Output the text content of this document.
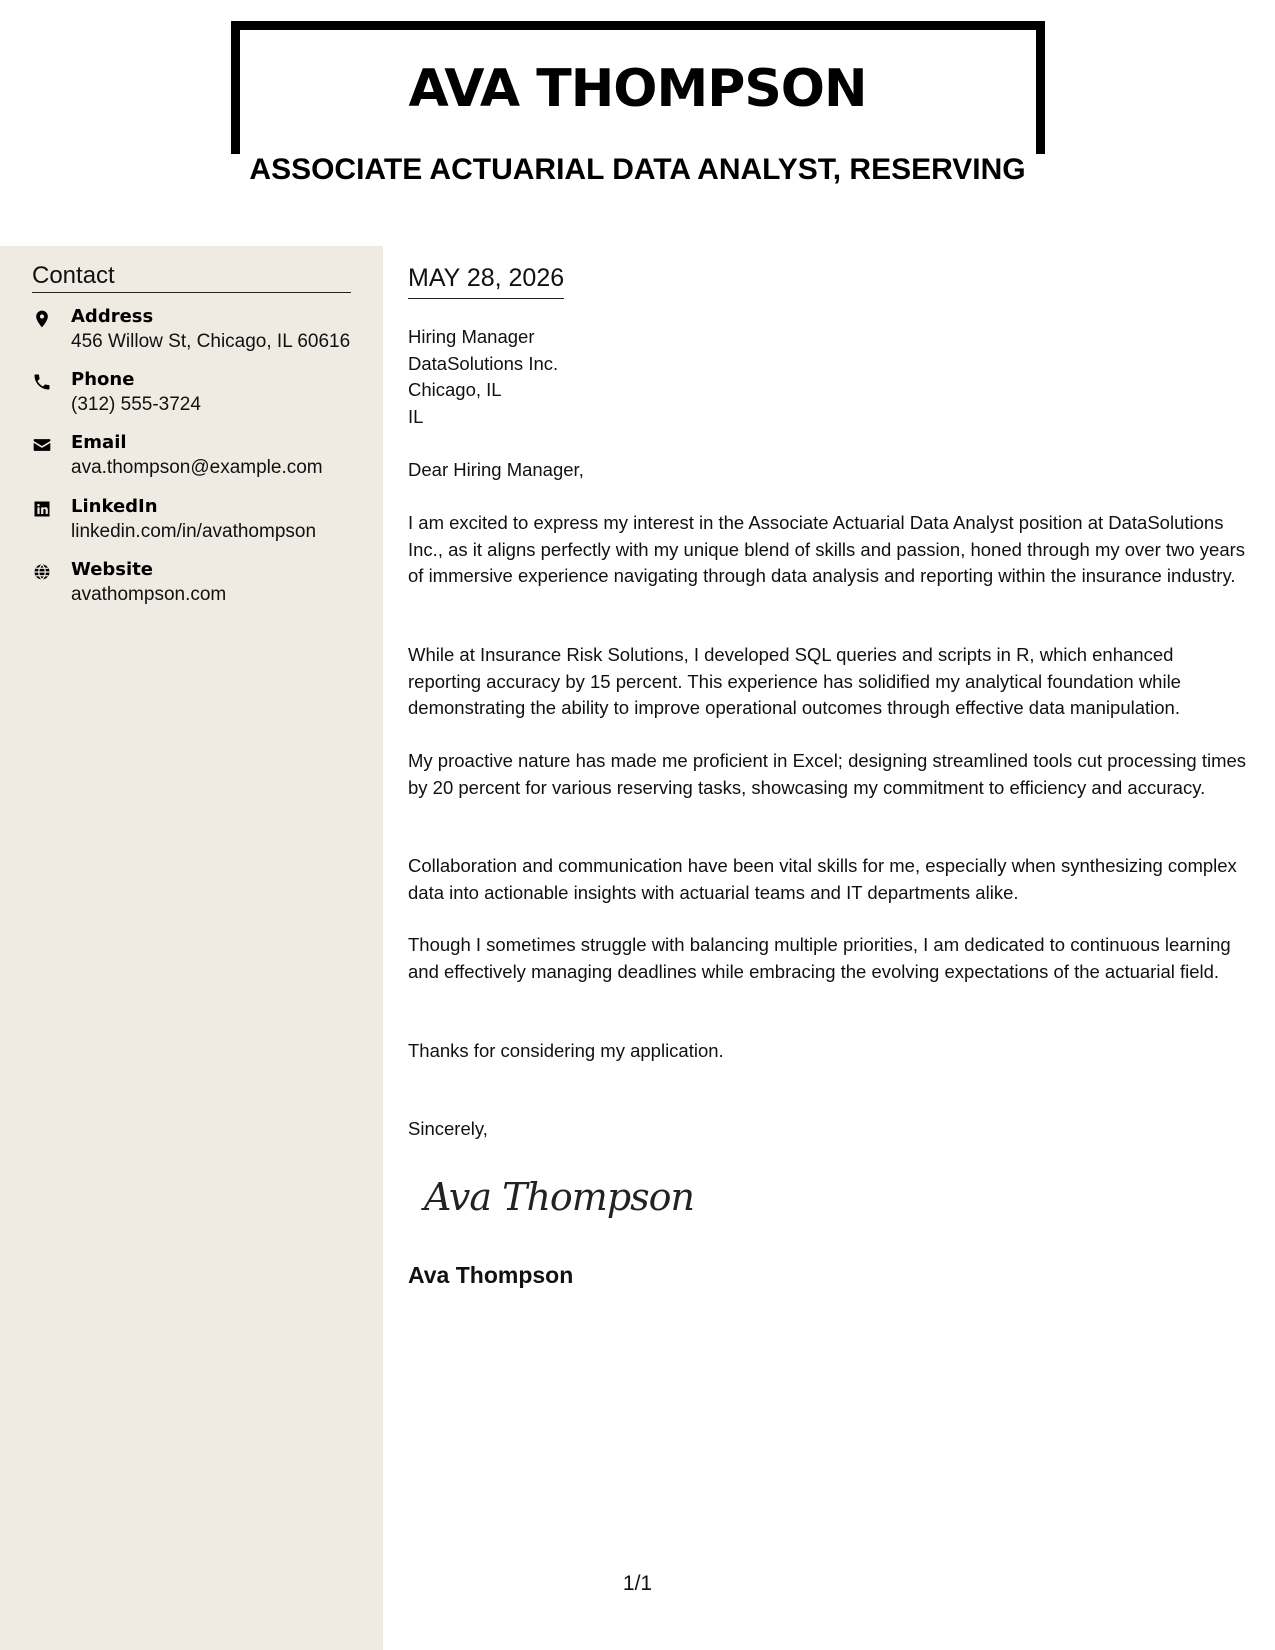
AVA THOMPSON
ASSOCIATE ACTUARIAL DATA ANALYST, RESERVING
Contact
Address
456 Willow St, Chicago, IL 60616
Phone
(312) 555-3724
Email
ava.thompson@example.com
LinkedIn
linkedin.com/in/avathompson
Website
avathompson.com
MAY 28, 2026
Hiring Manager
DataSolutions Inc.
Chicago, IL
IL
Dear Hiring Manager,
I am excited to express my interest in the Associate Actuarial Data Analyst position at DataSolutions Inc., as it aligns perfectly with my unique blend of skills and passion, honed through my over two years of immersive experience navigating through data analysis and reporting within the insurance industry.
While at Insurance Risk Solutions, I developed SQL queries and scripts in R, which enhanced reporting accuracy by 15 percent. This experience has solidified my analytical foundation while demonstrating the ability to improve operational outcomes through effective data manipulation.
My proactive nature has made me proficient in Excel; designing streamlined tools cut processing times by 20 percent for various reserving tasks, showcasing my commitment to efficiency and accuracy.
Collaboration and communication have been vital skills for me, especially when synthesizing complex data into actionable insights with actuarial teams and IT departments alike.
Though I sometimes struggle with balancing multiple priorities, I am dedicated to continuous learning and effectively managing deadlines while embracing the evolving expectations of the actuarial field.
Thanks for considering my application.
Sincerely,
Ava Thompson
Ava Thompson
1/1
